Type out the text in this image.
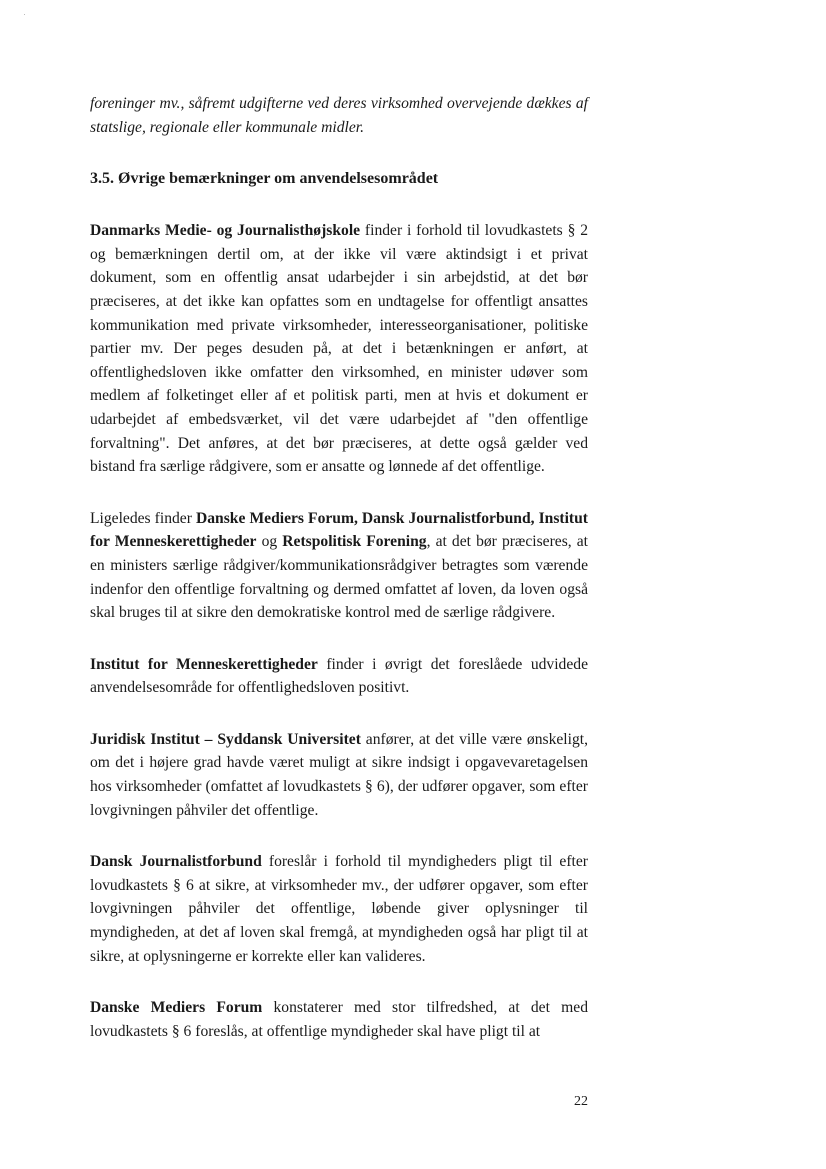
foreninger mv., såfremt udgifterne ved deres virksomhed overvejende dækkes af statslige, regionale eller kommunale midler.

3.5. Øvrige bemærkninger om anvendelsesområdet

Danmarks Medie- og Journalisthøjskole finder i forhold til lovudkastets § 2 og bemærkningen dertil om, at der ikke vil være aktindsigt i et privat dokument, som en offentlig ansat udarbejder i sin arbejdstid, at det bør præciseres, at det ikke kan opfattes som en undtagelse for offentligt ansattes kommunikation med private virksomheder, interesseorganisationer, politiske partier mv. Der peges desuden på, at det i betænkningen er anført, at offentlighedsloven ikke omfatter den virksomhed, en minister udøver som medlem af folketinget eller af et politisk parti, men at hvis et dokument er udarbejdet af embedsværket, vil det være udarbejdet af "den offentlige forvaltning". Det anføres, at det bør præciseres, at dette også gælder ved bistand fra særlige rådgivere, som er ansatte og lønnede af det offentlige.

Ligeledes finder Danske Mediers Forum, Dansk Journalistforbund, Institut for Menneskerettigheder og Retspolitisk Forening, at det bør præciseres, at en ministers særlige rådgiver/kommunikationsrådgiver betragtes som værende indenfor den offentlige forvaltning og dermed omfattet af loven, da loven også skal bruges til at sikre den demokratiske kontrol med de særlige rådgivere.

Institut for Menneskerettigheder finder i øvrigt det foreslåede udvidede anvendelsesområde for offentlighedsloven positivt.

Juridisk Institut – Syddansk Universitet anfører, at det ville være ønskeligt, om det i højere grad havde været muligt at sikre indsigt i opgavevaretagelsen hos virksomheder (omfattet af lovudkastets § 6), der udfører opgaver, som efter lovgivningen påhviler det offentlige.

Dansk Journalistforbund foreslår i forhold til myndigheders pligt til efter lovudkastets § 6 at sikre, at virksomheder mv., der udfører opgaver, som efter lovgivningen påhviler det offentlige, løbende giver oplysninger til myndigheden, at det af loven skal fremgå, at myndigheden også har pligt til at sikre, at oplysningerne er korrekte eller kan valideres.

Danske Mediers Forum konstaterer med stor tilfredshed, at det med lovudkastets § 6 foreslås, at offentlige myndigheder skal have pligt til at

22
